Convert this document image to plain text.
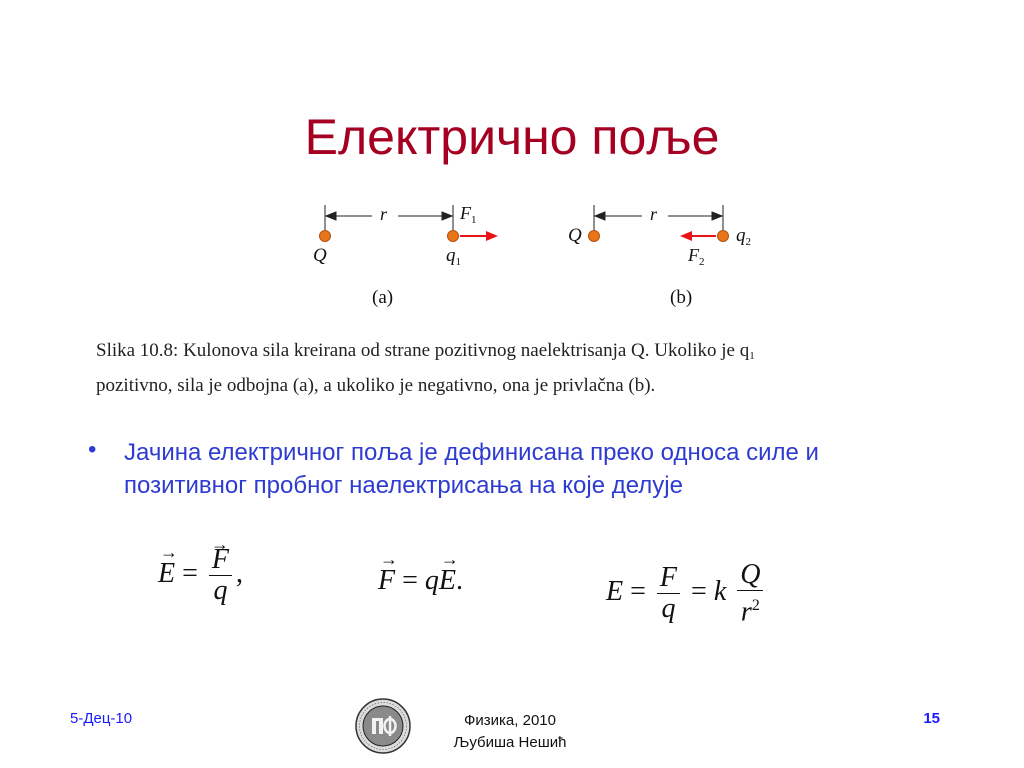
Електрично поље
r	$F_1$
Q	$q_1$
(a)
r
Q	$q_2$
$F_2$
(b)
Slika 10.8: Kulonova sila kreirana od strane pozitivnog naelektrisanja Q. Ukoliko je $q_1$
pozitivno, sila je odbojna (a), a ukoliko je negativno, ona je privlačna (b).
• Јачина електричног поља је дефинисана преко односа силе и позитивног пробног наелектрисања на које делује
→ E = → $\frac{F}{q}$ ,	→ F = q→ E.	$E = \frac{F}{q} = k \frac{Q}{r^2}$
5-Дец-10	Физика, 2010
Љубиша Нешић
15
